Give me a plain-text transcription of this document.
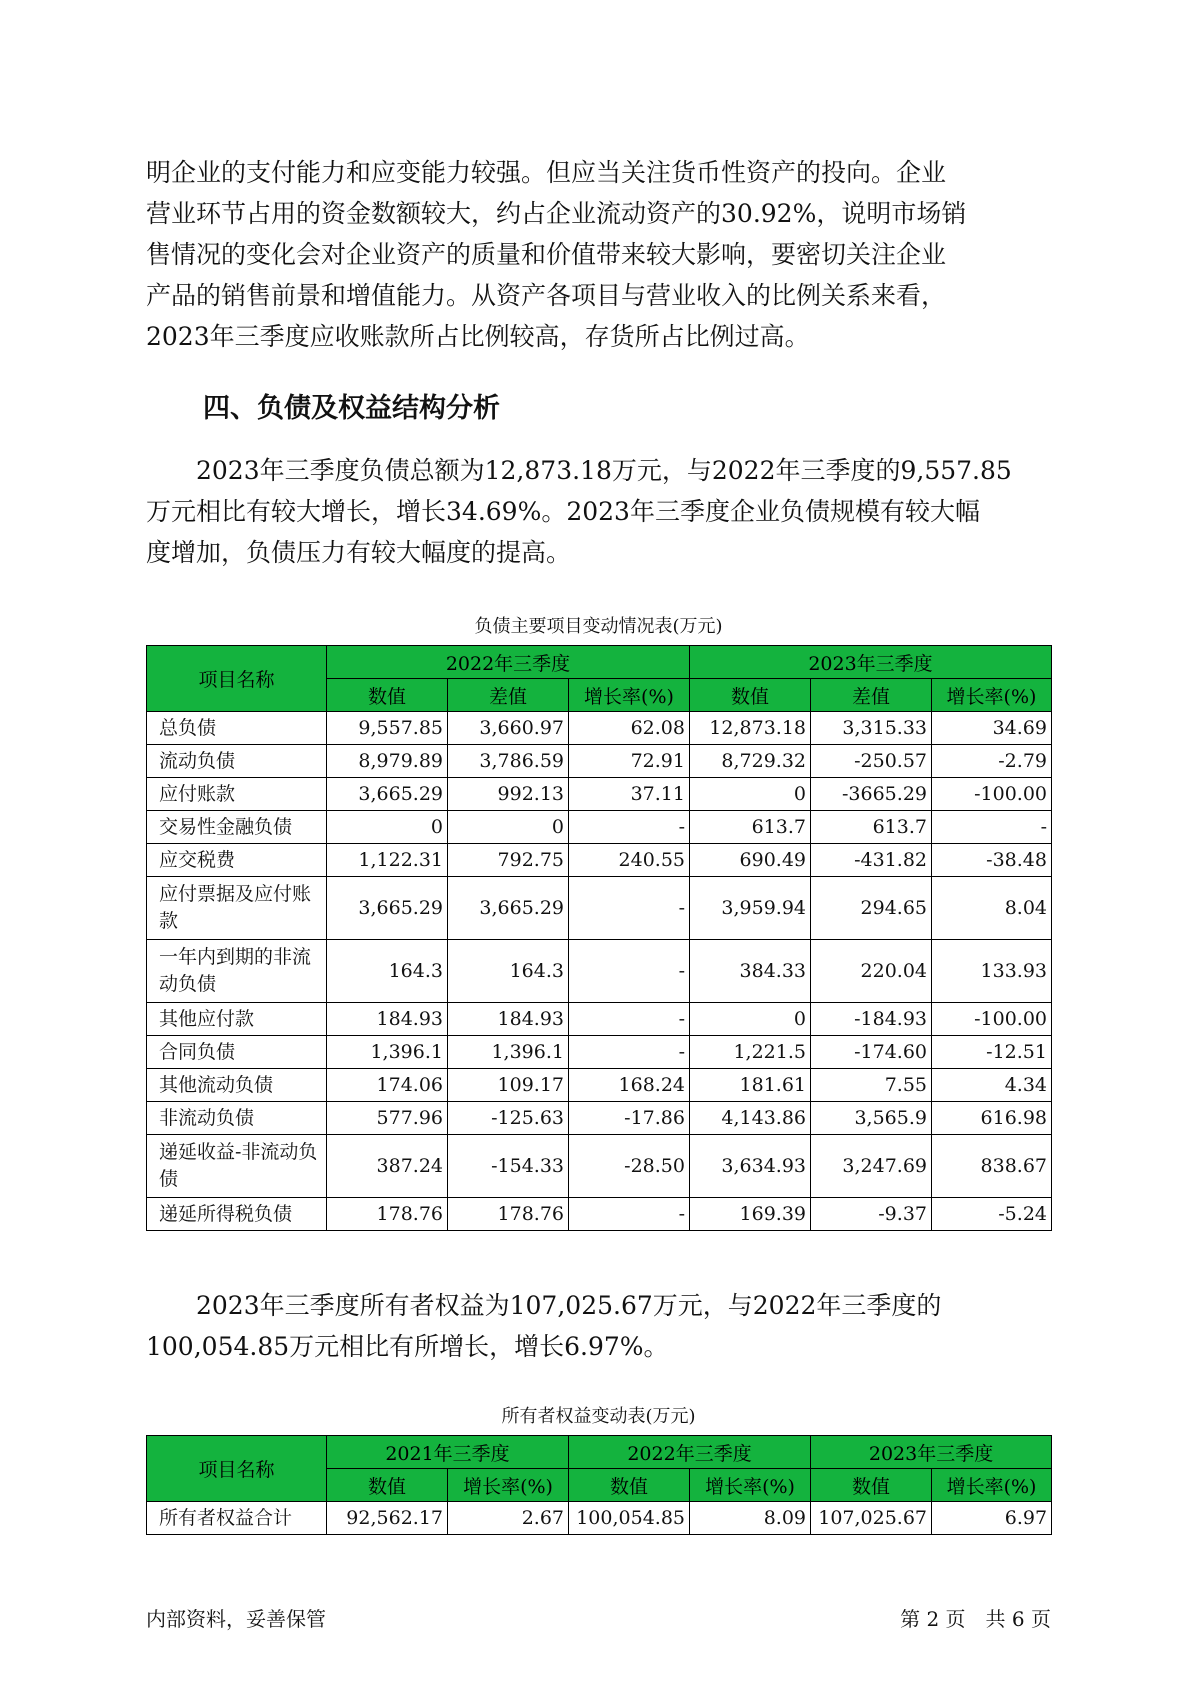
明企业的支付能力和应变能力较强。但应当关注货币性资产的投向。企业

营业环节占用的资金数额较大，约占企业流动资产的30.92%，说明市场销

售情况的变化会对企业资产的质量和价值带来较大影响，要密切关注企业

产品的销售前景和增值能力。从资产各项目与营业收入的比例关系来看，

2023年三季度应收账款所占比例较高，存货所占比例过高。

四、负债及权益结构分析

　　2023年三季度负债总额为12,873.18万元，与2022年三季度的9,557.85

万元相比有较大增长，增长34.69%。2023年三季度企业负债规模有较大幅

度增加，负债压力有较大幅度的提高。

负债主要项目变动情况表(万元)
项目名称	2022年三季度			2023年三季度		
	数值	差值	增长率(%)	数值	差值	增长率(%)
总负债	9,557.85	3,660.97	62.08	12,873.18	3,315.33	34.69
流动负债	8,979.89	3,786.59	72.91	8,729.32	-250.57	-2.79
应付账款	3,665.29	992.13	37.11	0	-3665.29	-100.00
交易性金融负债	0	0	-	613.7	613.7	-
应交税费	1,122.31	792.75	240.55	690.49	-431.82	-38.48
应付票据及应付账款	3,665.29	3,665.29	-	3,959.94	294.65	8.04
一年内到期的非流动负债	164.3	164.3	-	384.33	220.04	133.93
其他应付款	184.93	184.93	-	0	-184.93	-100.00
合同负债	1,396.1	1,396.1	-	1,221.5	-174.60	-12.51
其他流动负债	174.06	109.17	168.24	181.61	7.55	4.34
非流动负债	577.96	-125.63	-17.86	4,143.86	3,565.9	616.98
递延收益-非流动负债	387.24	-154.33	-28.50	3,634.93	3,247.69	838.67
递延所得税负债	178.76	178.76	-	169.39	-9.37	-5.24

　　2023年三季度所有者权益为107,025.67万元，与2022年三季度的

100,054.85万元相比有所增长，增长6.97%。

所有者权益变动表(万元)
项目名称	2021年三季度		2022年三季度		2023年三季度	
	数值	增长率(%)	数值	增长率(%)	数值	增长率(%)
所有者权益合计	92,562.17	2.67	100,054.85	8.09	107,025.67	6.97
内部资料，妥善保管	第 2 页　共 6 页
